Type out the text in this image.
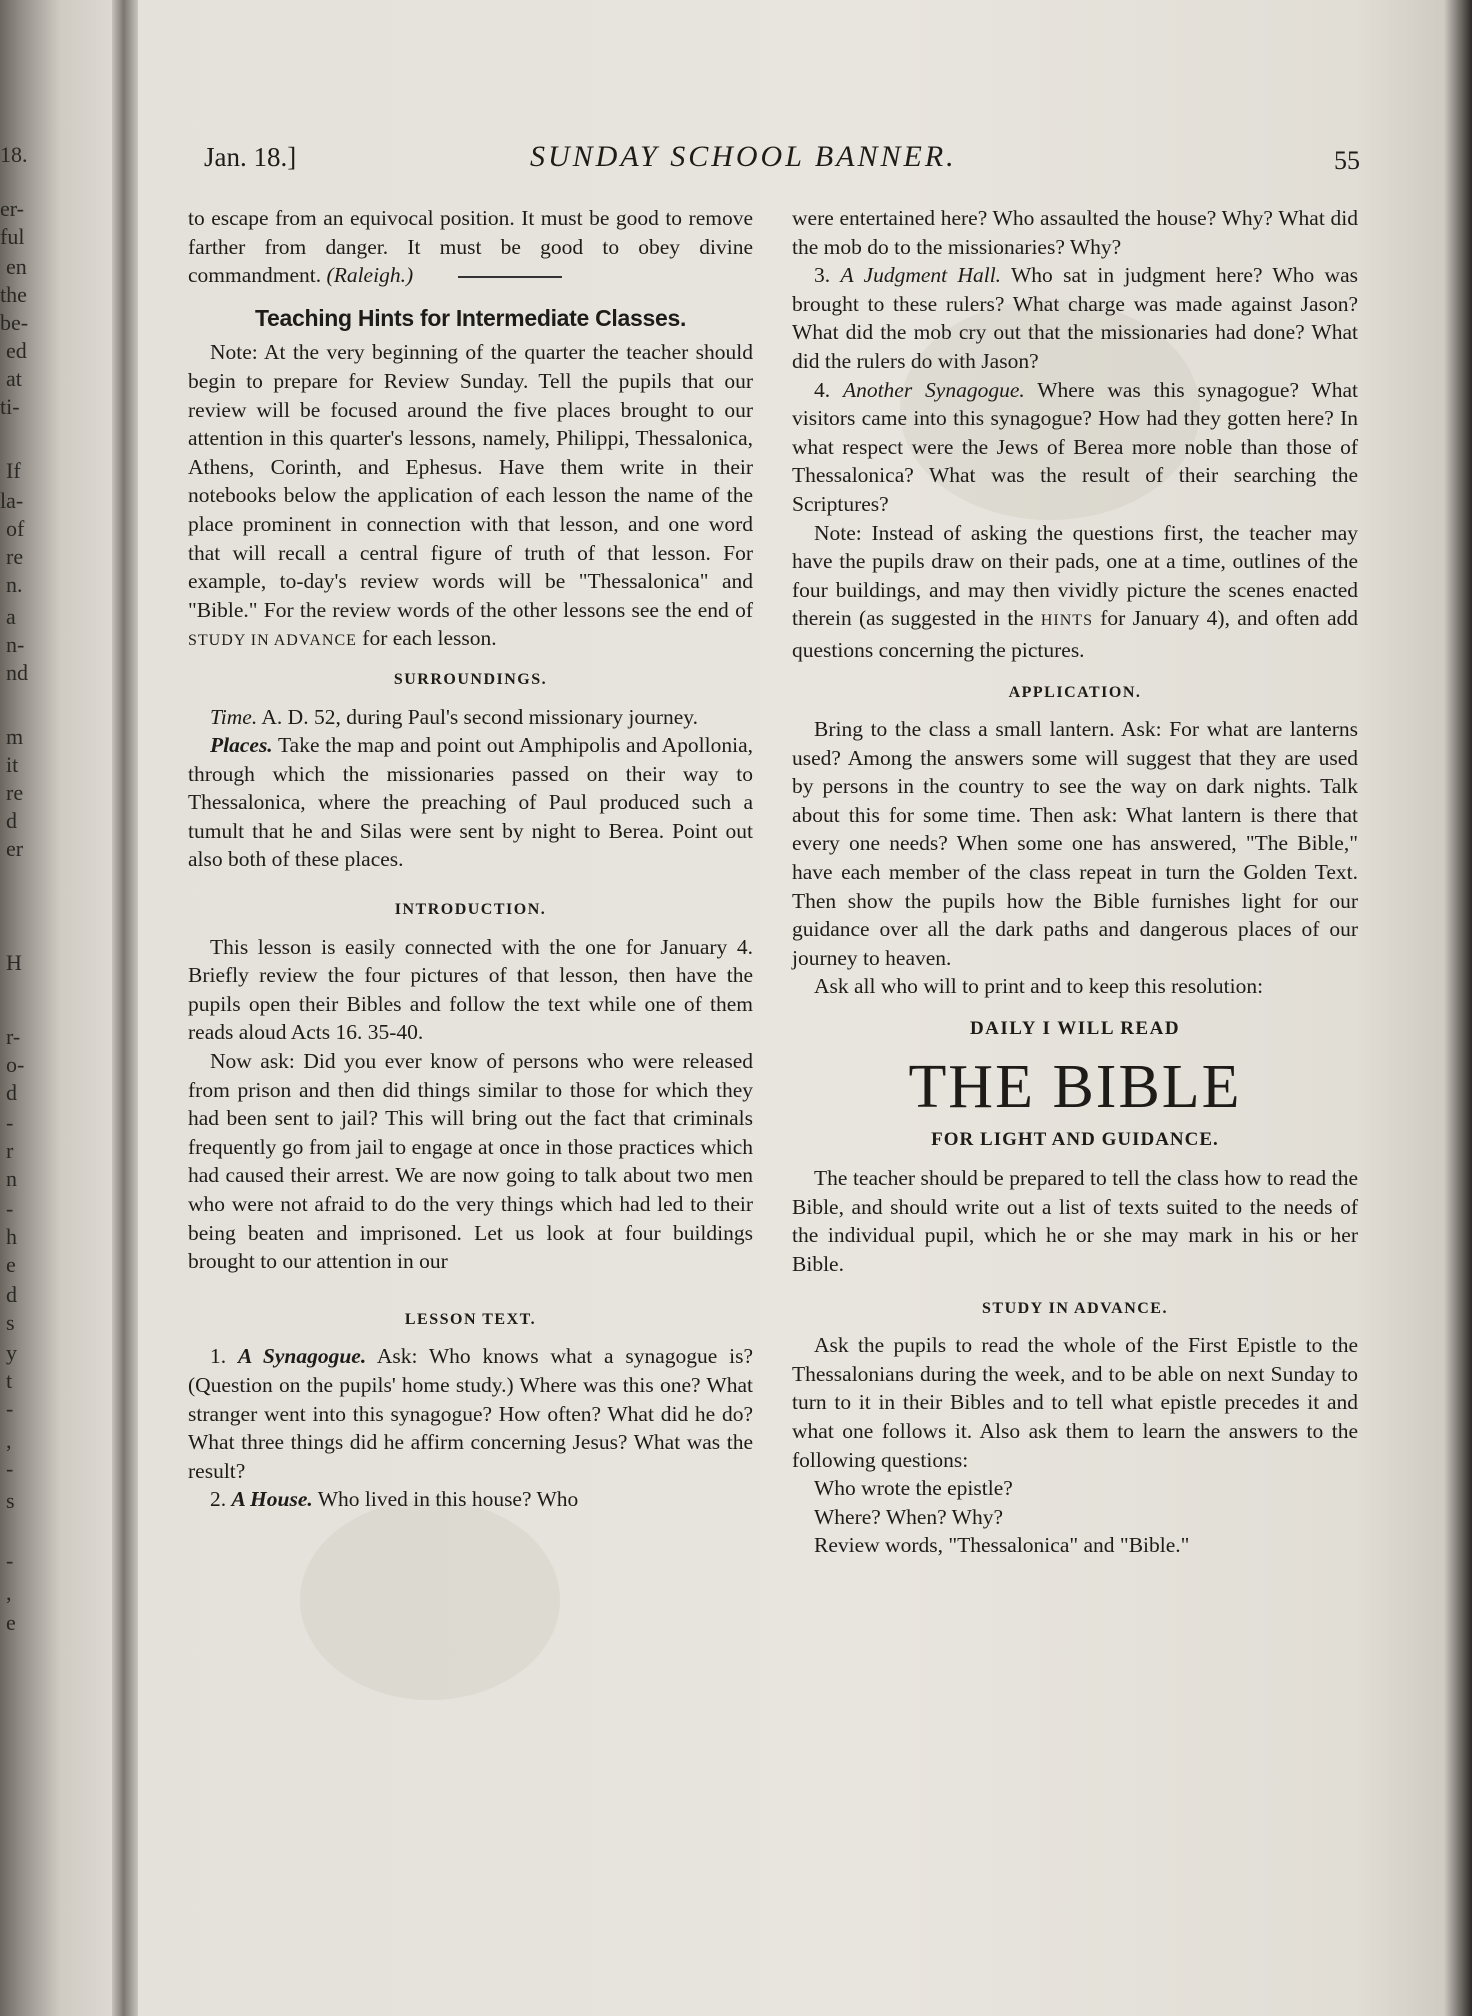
18.
er-
ful
en
the
be-
ed
at
ti-
If
la-
of
re
n.
a
n-
nd
m
it
re
d
er
H
r-
o-
d
-
r
n
-
h
e
d
s
y
t
-
,
-
s
-
,
e
Jan. 18.]	SUNDAY SCHOOL BANNER.	55

to escape from an equivocal position. It must be good to remove farther from danger. It must be good to obey divine commandment. (Raleigh.)

Teaching Hints for Intermediate Classes.

Note: At the very beginning of the quarter the teacher should begin to prepare for Review Sunday. Tell the pupils that our review will be focused around the five places brought to our attention in this quarter's lessons, namely, Philippi, Thessalonica, Athens, Corinth, and Ephesus. Have them write in their notebooks below the application of each lesson the name of the place prominent in connection with that lesson, and one word that will recall a central figure of truth of that lesson. For example, to-day's review words will be "Thessalonica" and "Bible." For the review words of the other lessons see the end of STUDY IN ADVANCE for each lesson.

SURROUNDINGS.

Time. A. D. 52, during Paul's second missionary journey.

Places. Take the map and point out Amphipolis and Apollonia, through which the missionaries passed on their way to Thessalonica, where the preaching of Paul produced such a tumult that he and Silas were sent by night to Berea. Point out also both of these places.

INTRODUCTION.

This lesson is easily connected with the one for January 4. Briefly review the four pictures of that lesson, then have the pupils open their Bibles and follow the text while one of them reads aloud Acts 16. 35-40.

Now ask: Did you ever know of persons who were released from prison and then did things similar to those for which they had been sent to jail? This will bring out the fact that criminals frequently go from jail to engage at once in those practices which had caused their arrest. We are now going to talk about two men who were not afraid to do the very things which had led to their being beaten and imprisoned. Let us look at four buildings brought to our attention in our

LESSON TEXT.

1. A Synagogue. Ask: Who knows what a synagogue is? (Question on the pupils' home study.) Where was this one? What stranger went into this synagogue? How often? What did he do? What three things did he affirm concerning Jesus? What was the result?

2. A House. Who lived in this house? Who

were entertained here? Who assaulted the house? Why? What did the mob do to the missionaries? Why?

3. A Judgment Hall. Who sat in judgment here? Who was brought to these rulers? What charge was made against Jason? What did the mob cry out that the missionaries had done? What did the rulers do with Jason?

4. Another Synagogue. Where was this synagogue? What visitors came into this synagogue? How had they gotten here? In what respect were the Jews of Berea more noble than those of Thessalonica? What was the result of their searching the Scriptures?

Note: Instead of asking the questions first, the teacher may have the pupils draw on their pads, one at a time, outlines of the four buildings, and may then vividly picture the scenes enacted therein (as suggested in the HINTS for January 4), and often add questions concerning the pictures.

APPLICATION.

Bring to the class a small lantern. Ask: For what are lanterns used? Among the answers some will suggest that they are used by persons in the country to see the way on dark nights. Talk about this for some time. Then ask: What lantern is there that every one needs? When some one has answered, "The Bible," have each member of the class repeat in turn the Golden Text. Then show the pupils how the Bible furnishes light for our guidance over all the dark paths and dangerous places of our journey to heaven.

Ask all who will to print and to keep this resolution:

DAILY I WILL READ
THE BIBLE
FOR LIGHT AND GUIDANCE.

The teacher should be prepared to tell the class how to read the Bible, and should write out a list of texts suited to the needs of the individual pupil, which he or she may mark in his or her Bible.

STUDY IN ADVANCE.

Ask the pupils to read the whole of the First Epistle to the Thessalonians during the week, and to be able on next Sunday to turn to it in their Bibles and to tell what epistle precedes it and what one follows it. Also ask them to learn the answers to the following questions:

Who wrote the epistle?

Where? When? Why?

Review words, "Thessalonica" and "Bible."
